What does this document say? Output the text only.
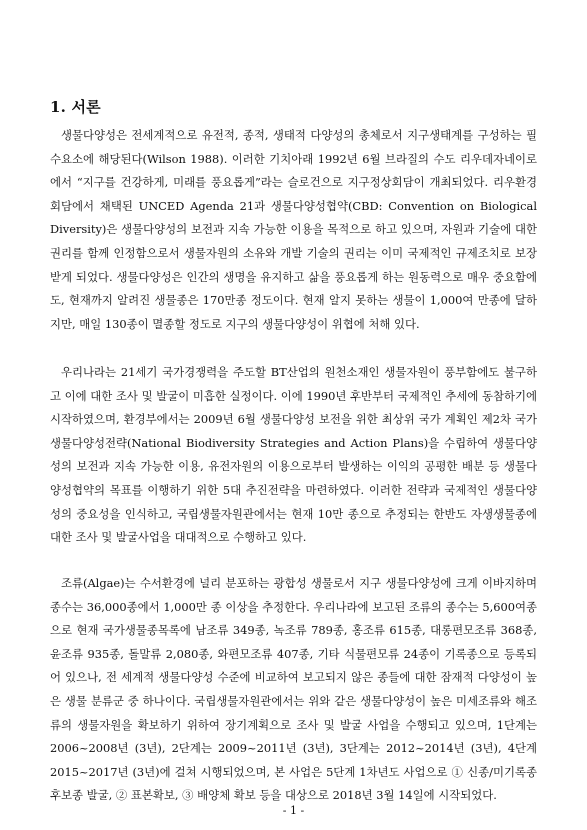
1. 서론

생물다양성은 전세계적으로 유전적, 종적, 생태적 다양성의 총체로서 지구생태계를 구성하는 필수요소에 해당된다(Wilson 1988). 이러한 기치아래 1992년 6월 브라질의 수도 리우데자네이로에서 “지구를 건강하게, 미래를 풍요롭게”라는 슬로건으로 지구정상회담이 개최되었다. 리우환경회담에서 채택된 UNCED Agenda 21과 생물다양성협약(CBD: Convention on Biological Diversity)은 생물다양성의 보전과 지속 가능한 이용을 목적으로 하고 있으며, 자원과 기술에 대한 권리를 함께 인정함으로서 생물자원의 소유와 개발 기술의 권리는 이미 국제적인 규제조치로 보장받게 되었다. 생물다양성은 인간의 생명을 유지하고 삶을 풍요롭게 하는 원동력으로 매우 중요함에도, 현재까지 알려진 생물종은 170만종 정도이다. 현재 알지 못하는 생물이 1,000여 만종에 달하지만, 매일 130종이 멸종할 정도로 지구의 생물다양성이 위협에 처해 있다.

우리나라는 21세기 국가경쟁력을 주도할 BT산업의 원천소재인 생물자원이 풍부함에도 불구하고 이에 대한 조사 및 발굴이 미흡한 실정이다. 이에 1990년 후반부터 국제적인 추세에 동참하기에 시작하였으며, 환경부에서는 2009년 6월 생물다양성 보전을 위한 최상위 국가 계획인 제2차 국가생물다양성전략(National Biodiversity Strategies and Action Plans)을 수립하여 생물다양성의 보전과 지속 가능한 이용, 유전자원의 이용으로부터 발생하는 이익의 공평한 배분 등 생물다양성협약의 목표를 이행하기 위한 5대 추진전략을 마련하였다. 이러한 전략과 국제적인 생물다양성의 중요성을 인식하고, 국립생물자원관에서는 현재 10만 종으로 추정되는 한반도 자생생물종에 대한 조사 및 발굴사업을 대대적으로 수행하고 있다.

조류(Algae)는 수서환경에 널리 분포하는 광합성 생물로서 지구 생물다양성에 크게 이바지하며 종수는 36,000종에서 1,000만 종 이상을 추정한다. 우리나라에 보고된 조류의 종수는 5,600여종으로 현재 국가생물종목록에 남조류 349종, 녹조류 789종, 홍조류 615종, 대롱편모조류 368종, 윤조류 935종, 돌말류 2,080종, 와편모조류 407종, 기타 식물편모류 24종이 기록종으로 등록되어 있으나, 전 세계적 생물다양성 수준에 비교하여 보고되지 않은 종들에 대한 잠재적 다양성이 높은 생물 분류군 중 하나이다. 국립생물자원관에서는 위와 같은 생물다양성이 높은 미세조류와 해조류의 생물자원을 확보하기 위하여 장기계획으로 조사 및 발굴 사업을 수행되고 있으며, 1단계는 2006~2008년 (3년), 2단계는 2009~2011년 (3년), 3단계는 2012~2014년 (3년), 4단계 2015~2017년 (3년)에 걸쳐 시행되었으며, 본 사업은 5단계 1차년도 사업으로 ① 신종/미기록종 후보종 발굴, ② 표본확보, ③ 배양체 확보 등을 대상으로 2018년 3월 14일에 시작되었다.

- 1 -
